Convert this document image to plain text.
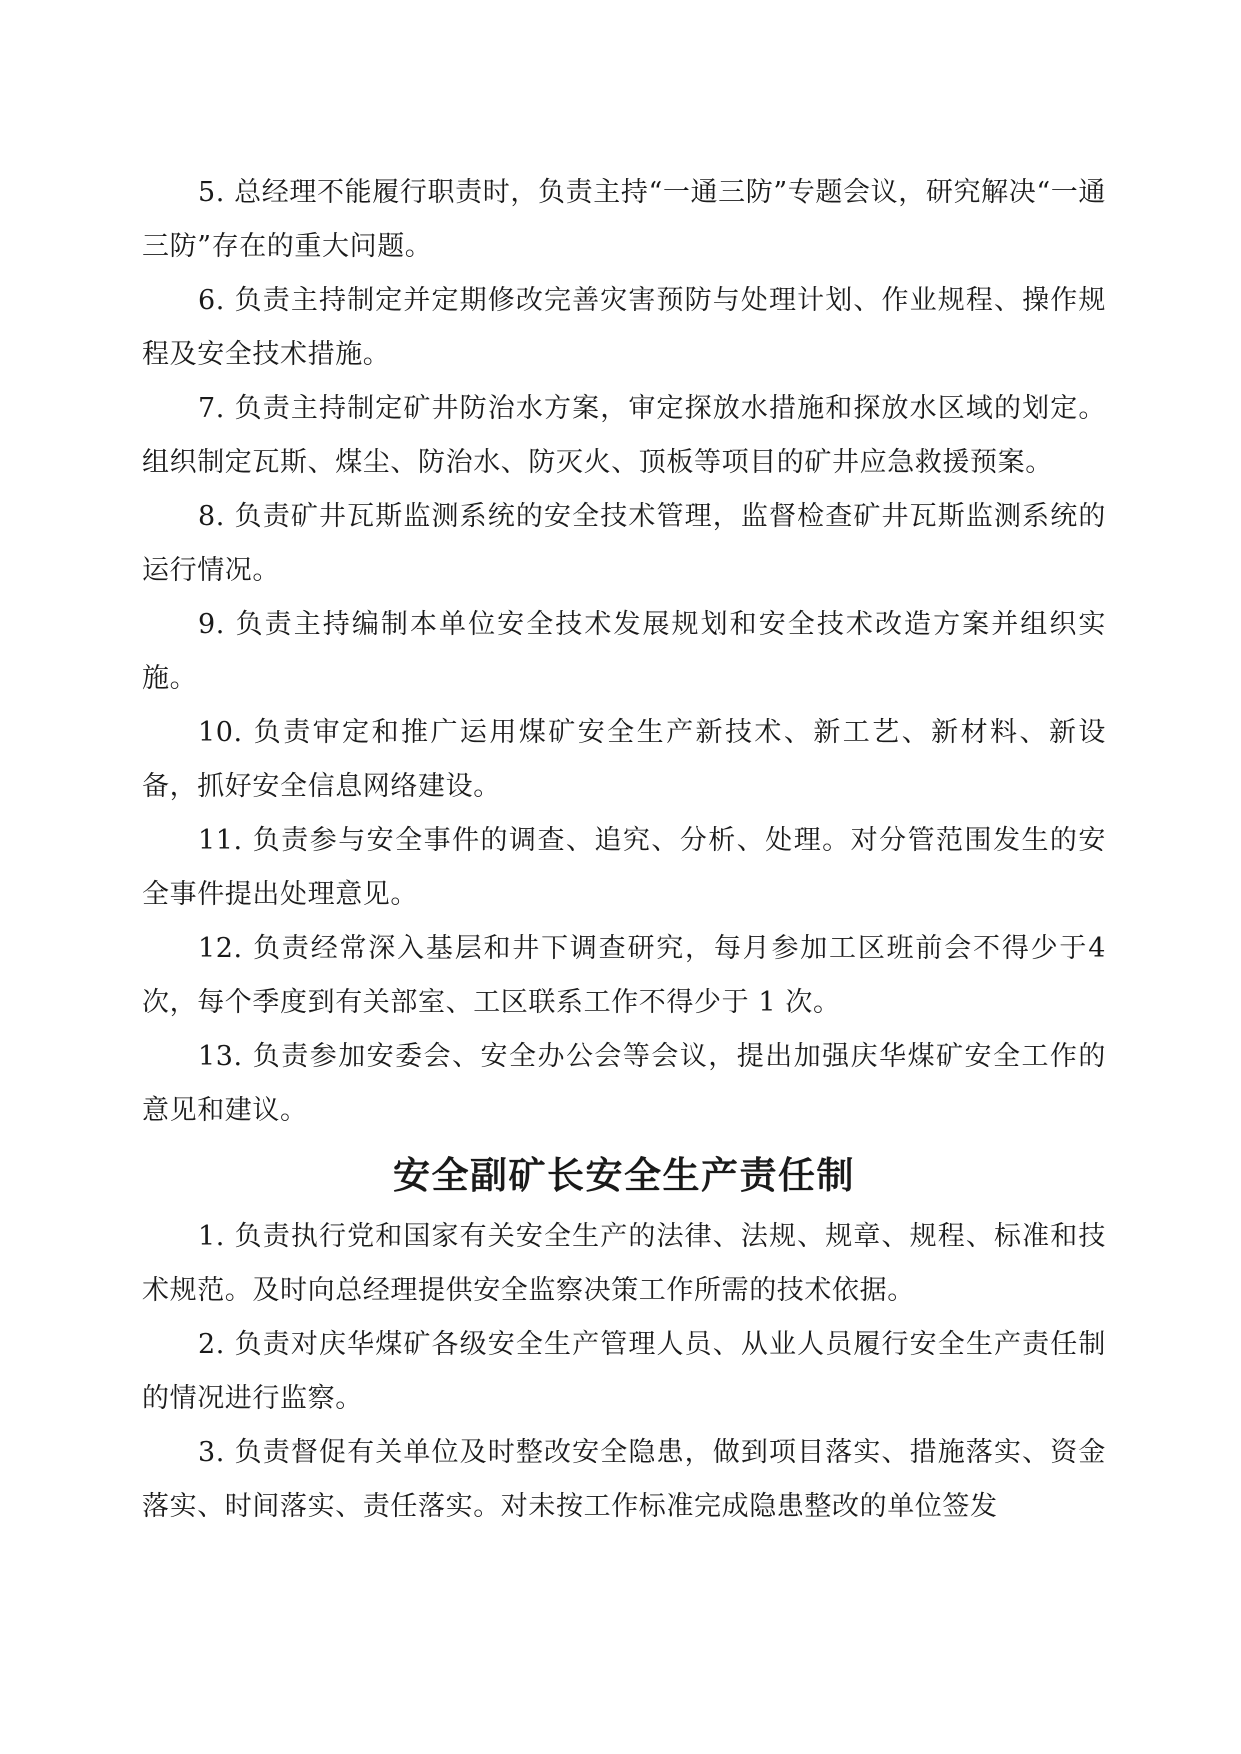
5. 总经理不能履行职责时，负责主持“一通三防”专题会议，研究解决“一通三防”存在的重大问题。

6. 负责主持制定并定期修改完善灾害预防与处理计划、作业规程、操作规程及安全技术措施。

7. 负责主持制定矿井防治水方案，审定探放水措施和探放水区域的划定。组织制定瓦斯、煤尘、防治水、防灭火、顶板等项目的矿井应急救援预案。

8. 负责矿井瓦斯监测系统的安全技术管理，监督检查矿井瓦斯监测系统的运行情况。

9. 负责主持编制本单位安全技术发展规划和安全技术改造方案并组织实施。

10. 负责审定和推广运用煤矿安全生产新技术、新工艺、新材料、新设备，抓好安全信息网络建设。

11. 负责参与安全事件的调查、追究、分析、处理。对分管范围发生的安全事件提出处理意见。

12. 负责经常深入基层和井下调查研究，每月参加工区班前会不得少于4 次，每个季度到有关部室、工区联系工作不得少于 1 次。

13. 负责参加安委会、安全办公会等会议，提出加强庆华煤矿安全工作的意见和建议。

安全副矿长安全生产责任制

1. 负责执行党和国家有关安全生产的法律、法规、规章、规程、标准和技术规范。及时向总经理提供安全监察决策工作所需的技术依据。

2. 负责对庆华煤矿各级安全生产管理人员、从业人员履行安全生产责任制的情况进行监察。

3. 负责督促有关单位及时整改安全隐患，做到项目落实、措施落实、资金落实、时间落实、责任落实。对未按工作标准完成隐患整改的单位签发
